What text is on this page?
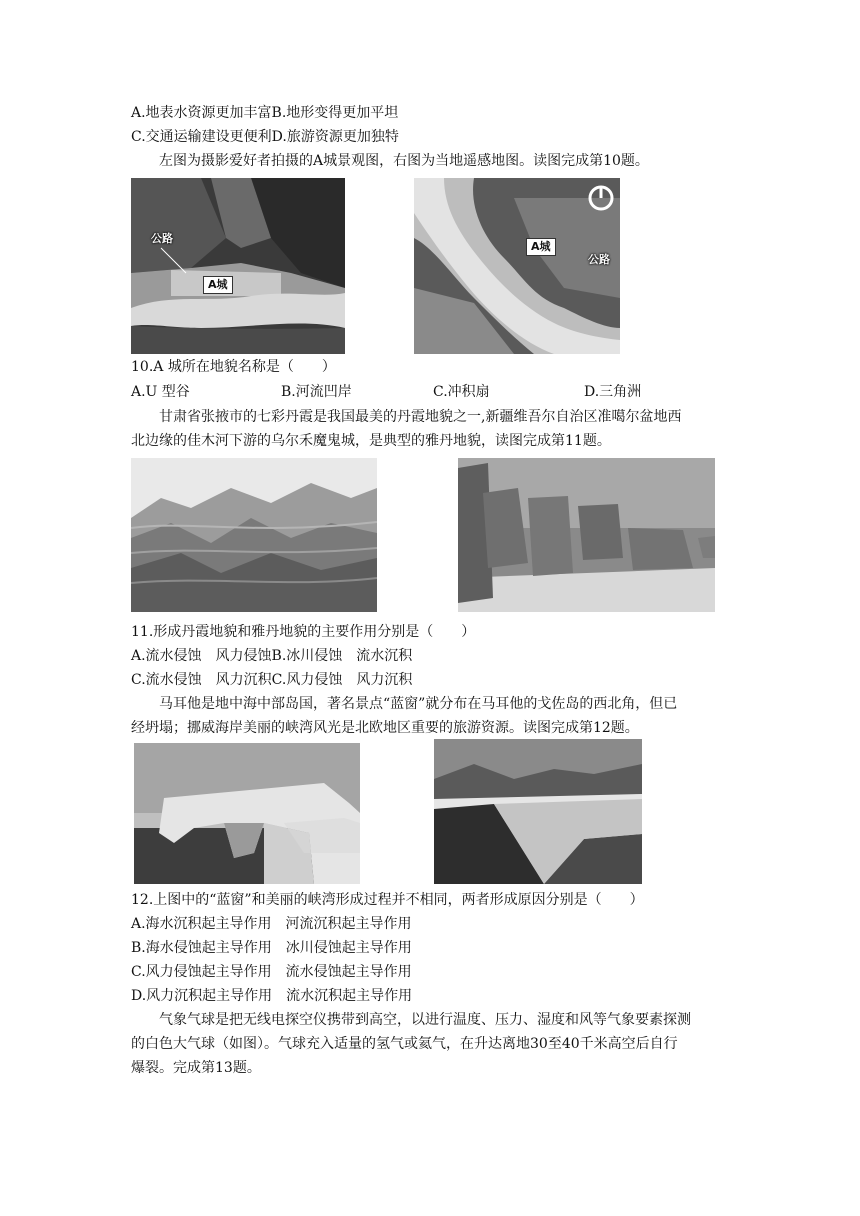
A.地表水资源更加丰富B.地形变得更加平坦
C.交通运输建设更便利D.旅游资源更加独特
左图为摄影爱好者拍摄的A城景观图，右图为当地遥感地图。读图完成第10题。
公路
A城
A城
公路
10.A 城所在地貌名称是（　　）
A.U 型谷	B.河流凹岸	C.冲积扇	D.三角洲
甘肃省张掖市的七彩丹霞是我国最美的丹霞地貌之一,新疆维吾尔自治区准噶尔盆地西
北边缘的佳木河下游的乌尔禾魔鬼城，是典型的雅丹地貌，读图完成第11题。
11.形成丹霞地貌和雅丹地貌的主要作用分别是（　　）
A.流水侵蚀　风力侵蚀B.冰川侵蚀　流水沉积
C.流水侵蚀　风力沉积C.风力侵蚀　风力沉积
马耳他是地中海中部岛国，著名景点“蓝窗”就分布在马耳他的戈佐岛的西北角，但已
经坍塌；挪威海岸美丽的峡湾风光是北欧地区重要的旅游资源。读图完成第12题。
12.上图中的“蓝窗”和美丽的峡湾形成过程并不相同，两者形成原因分别是（　　）
A.海水沉积起主导作用　河流沉积起主导作用
B.海水侵蚀起主导作用　冰川侵蚀起主导作用
C.风力侵蚀起主导作用　流水侵蚀起主导作用
D.风力沉积起主导作用　流水沉积起主导作用
气象气球是把无线电探空仪携带到高空，以进行温度、压力、湿度和风等气象要素探测
的白色大气球（如图）。气球充入适量的氢气或氦气，在升达离地30至40千米高空后自行
爆裂。完成第13题。
